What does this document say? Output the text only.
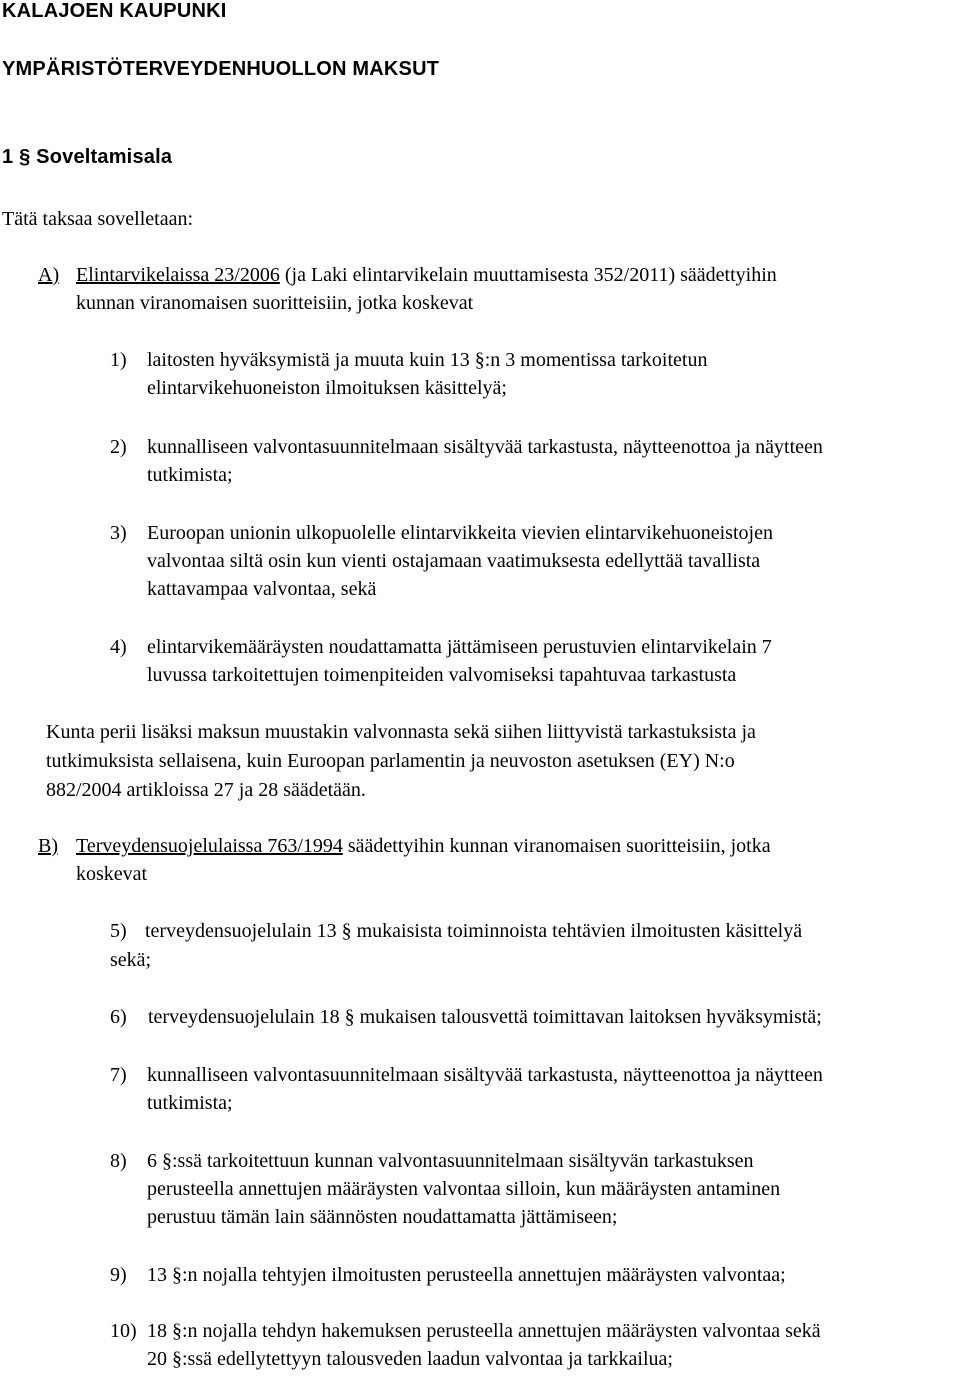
KALAJOEN KAUPUNKI
YMPÄRISTÖTERVEYDENHUOLLON MAKSUT
1 § Soveltamisala
Tätä taksaa sovelletaan:
A) Elintarvikelaissa 23/2006 (ja Laki elintarvikelain muuttamisesta 352/2011) säädettyihin
kunnan viranomaisen suoritteisiin, jotka koskevat
1) laitosten hyväksymistä ja muuta kuin 13 §:n 3 momentissa tarkoitetun
elintarvikehuoneiston ilmoituksen käsittelyä;
2) kunnalliseen valvontasuunnitelmaan sisältyvää tarkastusta, näytteenottoa ja näytteen
tutkimista;
3) Euroopan unionin ulkopuolelle elintarvikkeita vievien elintarvikehuoneistojen
valvontaa siltä osin kun vienti ostajamaan vaatimuksesta edellyttää tavallista
kattavampaa valvontaa, sekä
4) elintarvikemääräysten noudattamatta jättämiseen perustuvien elintarvikelain 7
luvussa tarkoitettujen toimenpiteiden valvomiseksi tapahtuvaa tarkastusta
Kunta perii lisäksi maksun muustakin valvonnasta sekä siihen liittyvistä tarkastuksista ja
tutkimuksista sellaisena, kuin Euroopan parlamentin ja neuvoston asetuksen (EY) N:o
882/2004 artikloissa 27 ja 28 säädetään.
B) Terveydensuojelulaissa 763/1994 säädettyihin kunnan viranomaisen suoritteisiin, jotka
koskevat
5) terveydensuojelulain 13 § mukaisista toiminnoista tehtävien ilmoitusten käsittelyä
sekä;
6) terveydensuojelulain 18 § mukaisen talousvettä toimittavan laitoksen hyväksymistä;
7) kunnalliseen valvontasuunnitelmaan sisältyvää tarkastusta, näytteenottoa ja näytteen
tutkimista;
8) 6 §:ssä tarkoitettuun kunnan valvontasuunnitelmaan sisältyvän tarkastuksen
perusteella annettujen määräysten valvontaa silloin, kun määräysten antaminen
perustuu tämän lain säännösten noudattamatta jättämiseen;
9) 13 §:n nojalla tehtyjen ilmoitusten perusteella annettujen määräysten valvontaa;
10) 18 §:n nojalla tehdyn hakemuksen perusteella annettujen määräysten valvontaa sekä
20 §:ssä edellytettyyn talousveden laadun valvontaa ja tarkkailua;
